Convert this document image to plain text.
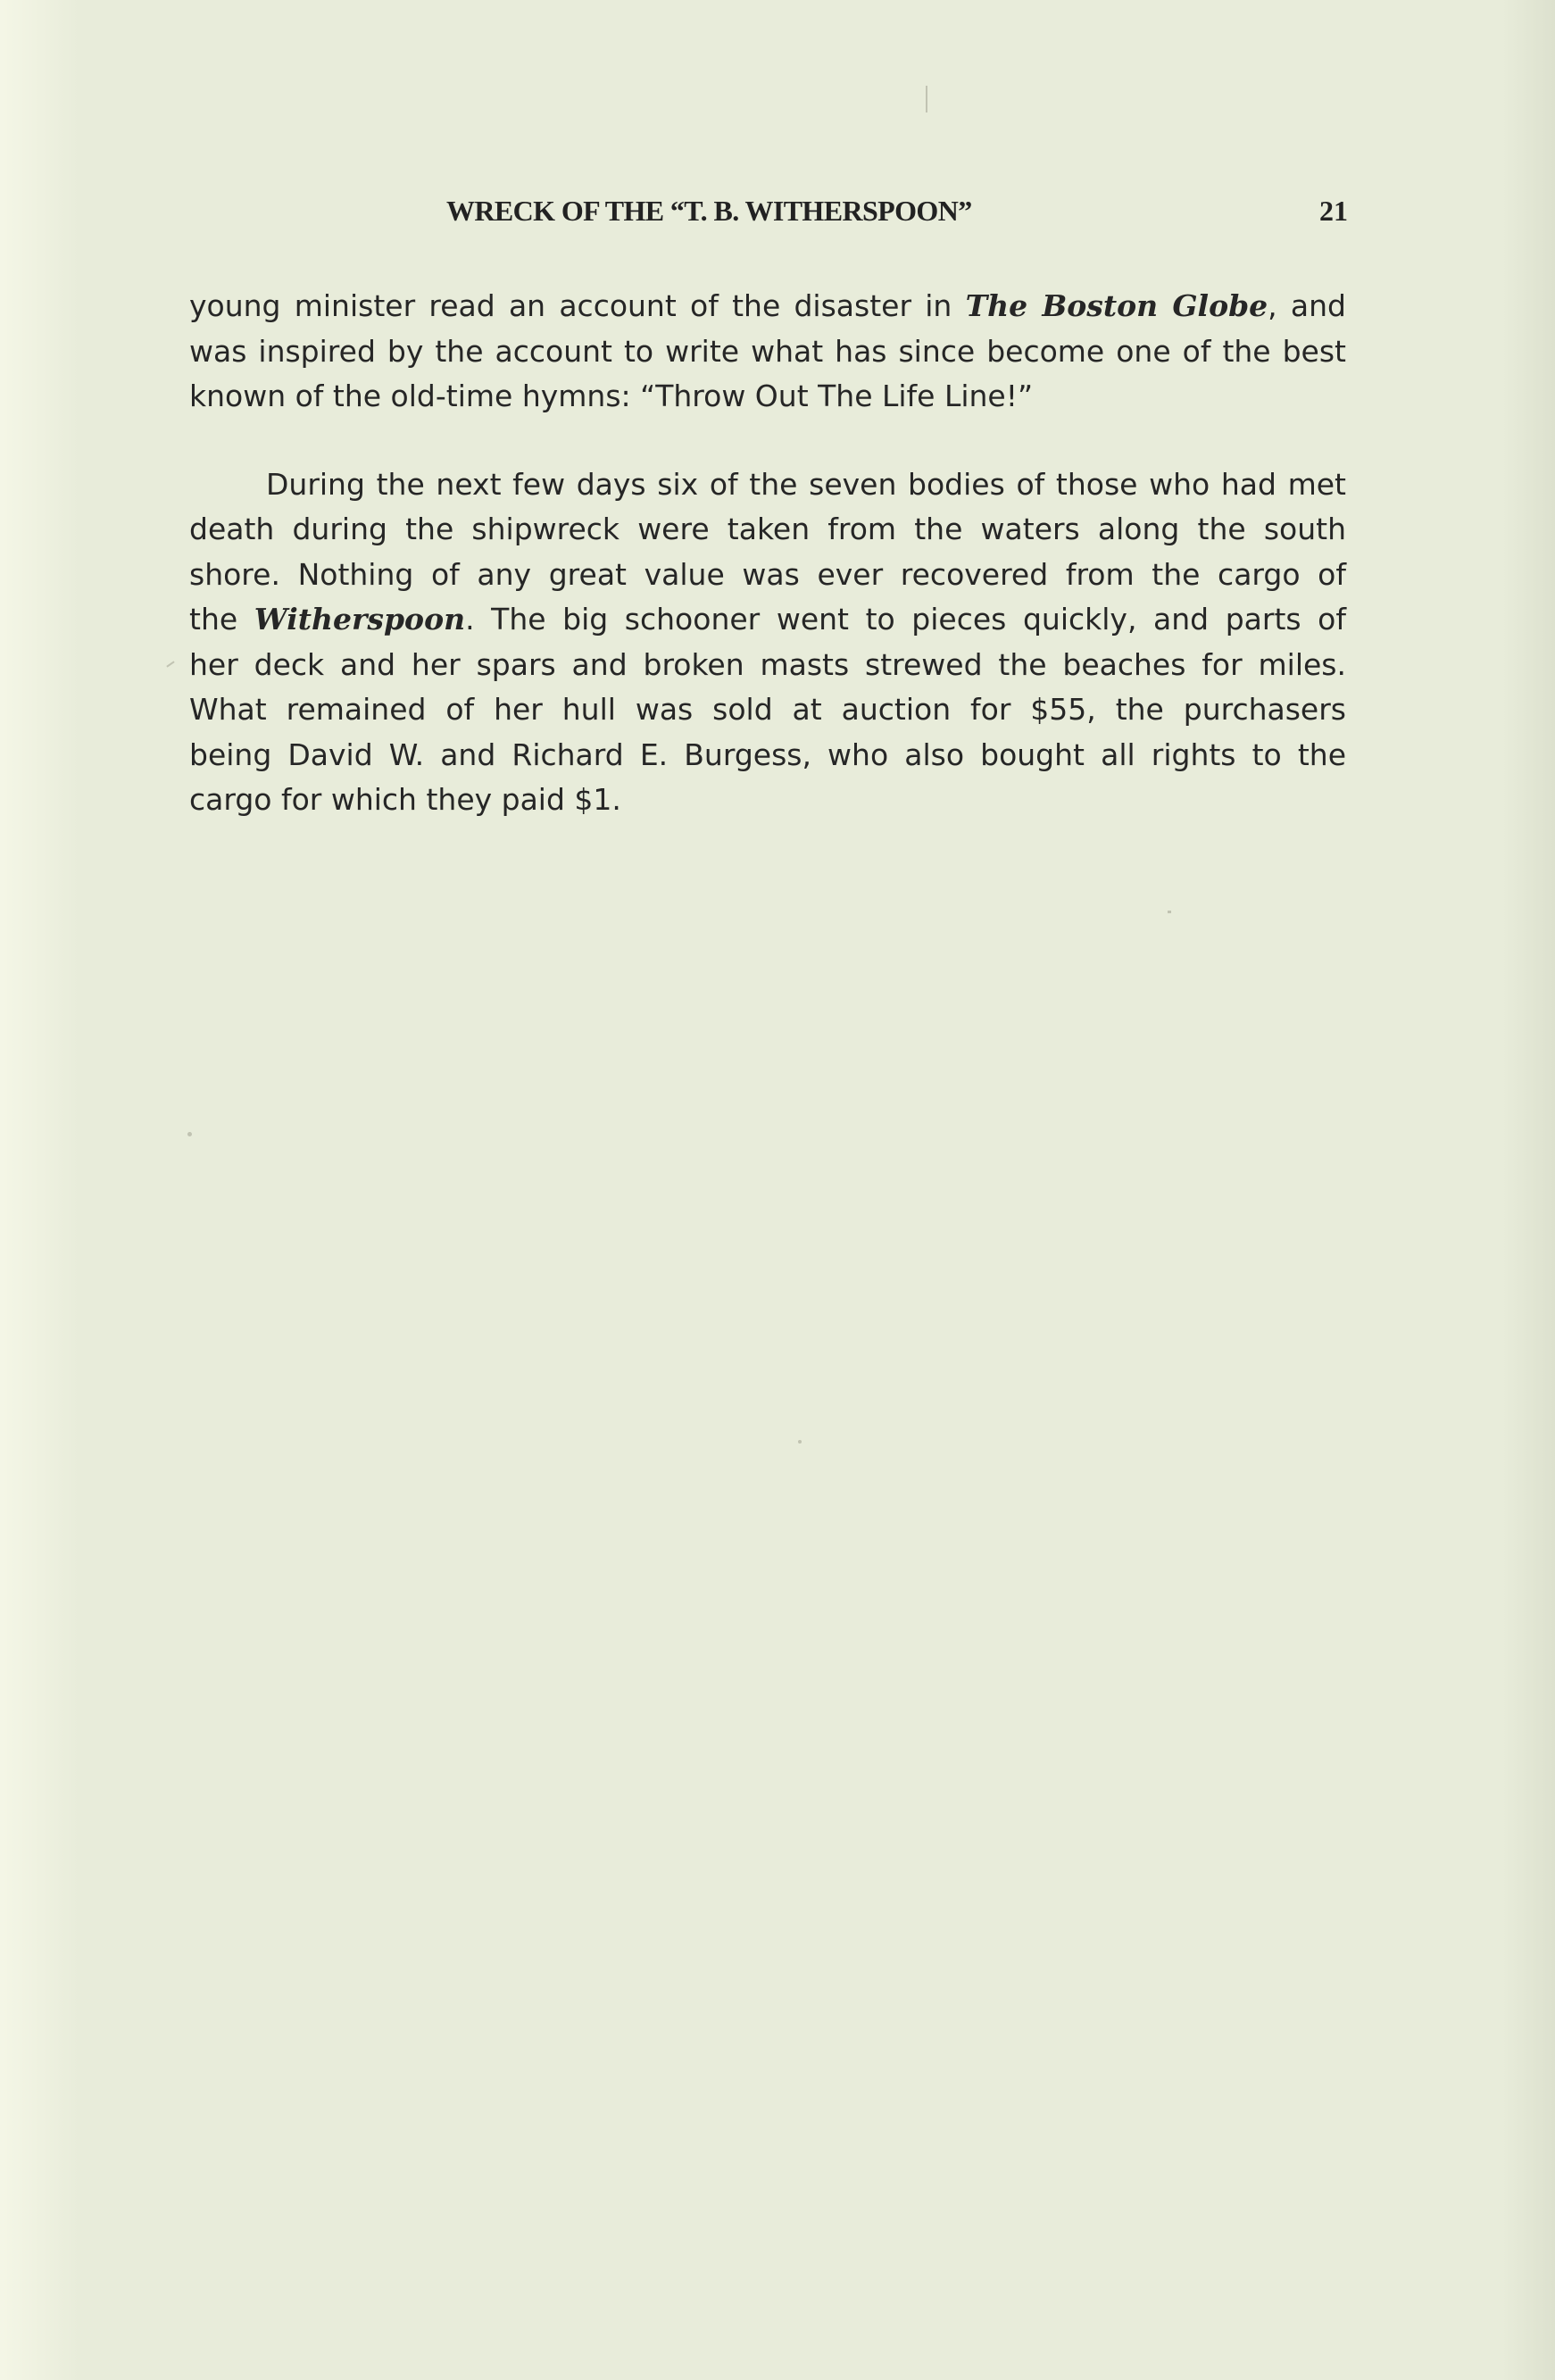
WRECK OF THE “T. B. WITHERSPOON”	21

young minister read an account of the disaster in The Boston Globe, and
was inspired by the account to write what has since become one of the best
known of the old-time hymns: “Throw Out The Life Line!”

During the next few days six of the seven bodies of those who had met
death during the shipwreck were taken from the waters along the south
shore. Nothing of any great value was ever recovered from the cargo of
the Witherspoon. The big schooner went to pieces quickly, and parts of
her deck and her spars and broken masts strewed the beaches for miles.
What remained of her hull was sold at auction for $55, the purchasers
being David W. and Richard E. Burgess, who also bought all rights to the
cargo for which they paid $1.
